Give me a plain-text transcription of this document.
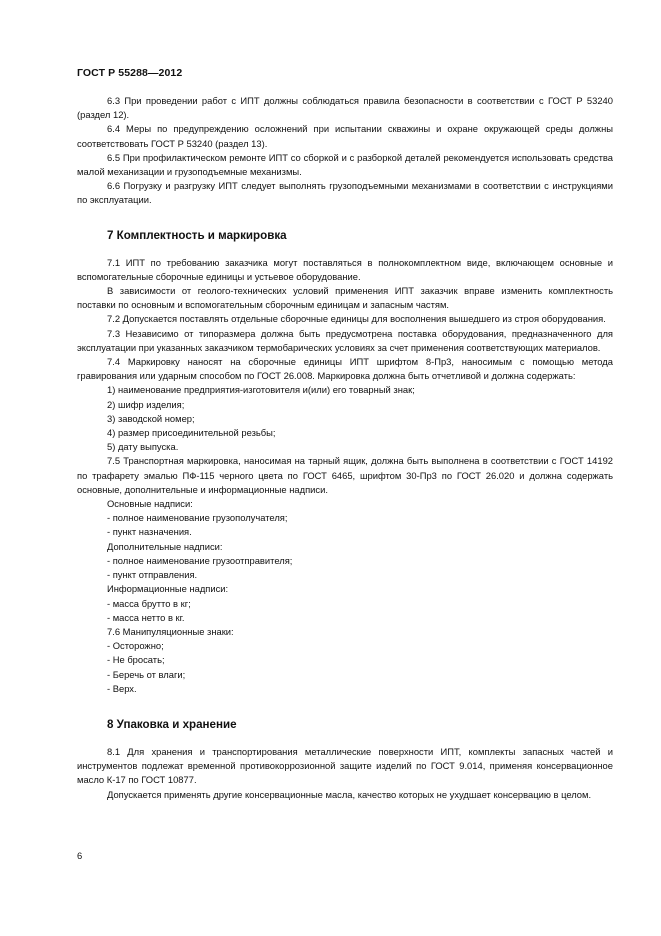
ГОСТ Р 55288—2012

6.3 При проведении работ с ИПТ должны соблюдаться правила безопасности в соответствии с ГОСТ Р 53240 (раздел 12).

6.4 Меры по предупреждению осложнений при испытании скважины и охране окружающей среды должны соответствовать ГОСТ Р 53240 (раздел 13).

6.5 При профилактическом ремонте ИПТ со сборкой и с разборкой деталей рекомендуется использовать средства малой механизации и грузоподъемные механизмы.

6.6 Погрузку и разгрузку ИПТ следует выполнять грузоподъемными механизмами в соответствии с инструкциями по эксплуатации.

7 Комплектность и маркировка

7.1 ИПТ по требованию заказчика могут поставляться в полнокомплектном виде, включающем основные и вспомогательные сборочные единицы и устьевое оборудование.

В зависимости от геолого-технических условий применения ИПТ заказчик вправе изменить комплектность поставки по основным и вспомогательным сборочным единицам и запасным частям.

7.2 Допускается поставлять отдельные сборочные единицы для восполнения вышедшего из строя оборудования.

7.3 Независимо от типоразмера должна быть предусмотрена поставка оборудования, предназначенного для эксплуатации при указанных заказчиком термобарических условиях за счет применения соответствующих материалов.

7.4 Маркировку наносят на сборочные единицы ИПТ шрифтом 8-Пр3, наносимым с помощью метода гравирования или ударным способом по ГОСТ 26.008. Маркировка должна быть отчетливой и должна содержать:

1) наименование предприятия-изготовителя и(или) его товарный знак;

2) шифр изделия;

3) заводской номер;

4) размер присоединительной резьбы;

5) дату выпуска.

7.5 Транспортная маркировка, наносимая на тарный ящик, должна быть выполнена в соответствии с ГОСТ 14192 по трафарету эмалью ПФ-115 черного цвета по ГОСТ 6465, шрифтом 30-Пр3 по ГОСТ 26.020 и должна содержать основные, дополнительные и информационные надписи.

Основные надписи:

- полное наименование грузополучателя;

- пункт назначения.

Дополнительные надписи:

- полное наименование грузоотправителя;

- пункт отправления.

Информационные надписи:

- масса брутто в кг;

- масса нетто в кг.

7.6 Манипуляционные знаки:

- Осторожно;

- Не бросать;

- Беречь от влаги;

- Верх.

8 Упаковка и хранение

8.1 Для хранения и транспортирования металлические поверхности ИПТ, комплекты запасных частей и инструментов подлежат временной противокоррозионной защите изделий по ГОСТ 9.014, применяя консервационное масло К-17 по ГОСТ 10877.

Допускается применять другие консервационные масла, качество которых не ухудшает консервацию в целом.

6
